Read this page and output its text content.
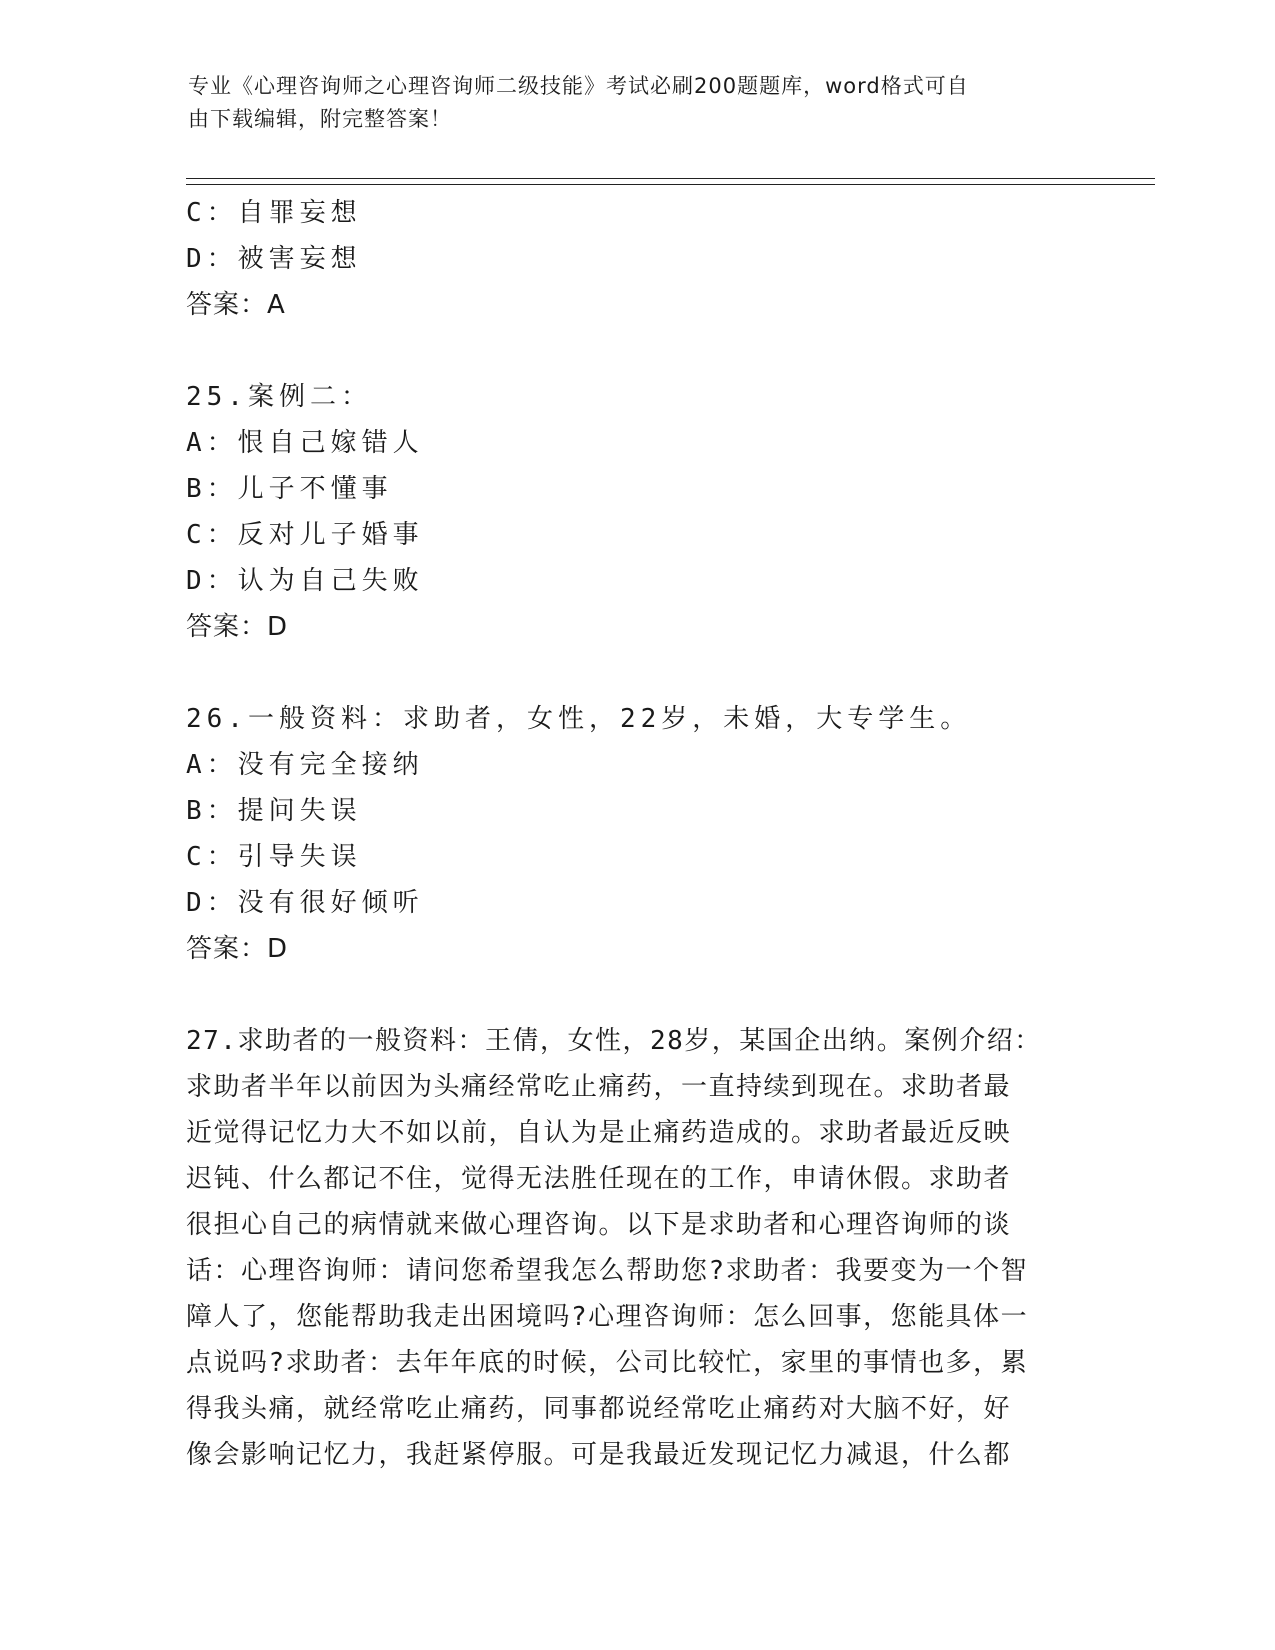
专业《心理咨询师之心理咨询师二级技能》考试必刷200题题库，word格式可自
由下载编辑，附完整答案！
C：自罪妄想
D：被害妄想
答案：A
25.案例二：
A：恨自己嫁错人
B：儿子不懂事
C：反对儿子婚事
D：认为自己失败
答案：D
26.一般资料：求助者，女性，22岁，未婚，大专学生。
A：没有完全接纳
B：提问失误
C：引导失误
D：没有很好倾听
答案：D
27.求助者的一般资料：王倩，女性，28岁，某国企出纳。案例介绍：
求助者半年以前因为头痛经常吃止痛药，一直持续到现在。求助者最
近觉得记忆力大不如以前，自认为是止痛药造成的。求助者最近反映
迟钝、什么都记不住，觉得无法胜任现在的工作，申请休假。求助者
很担心自己的病情就来做心理咨询。以下是求助者和心理咨询师的谈
话：心理咨询师：请问您希望我怎么帮助您?求助者：我要变为一个智
障人了，您能帮助我走出困境吗?心理咨询师：怎么回事，您能具体一
点说吗?求助者：去年年底的时候，公司比较忙，家里的事情也多，累
得我头痛，就经常吃止痛药，同事都说经常吃止痛药对大脑不好，好
像会影响记忆力，我赶紧停服。可是我最近发现记忆力减退，什么都
